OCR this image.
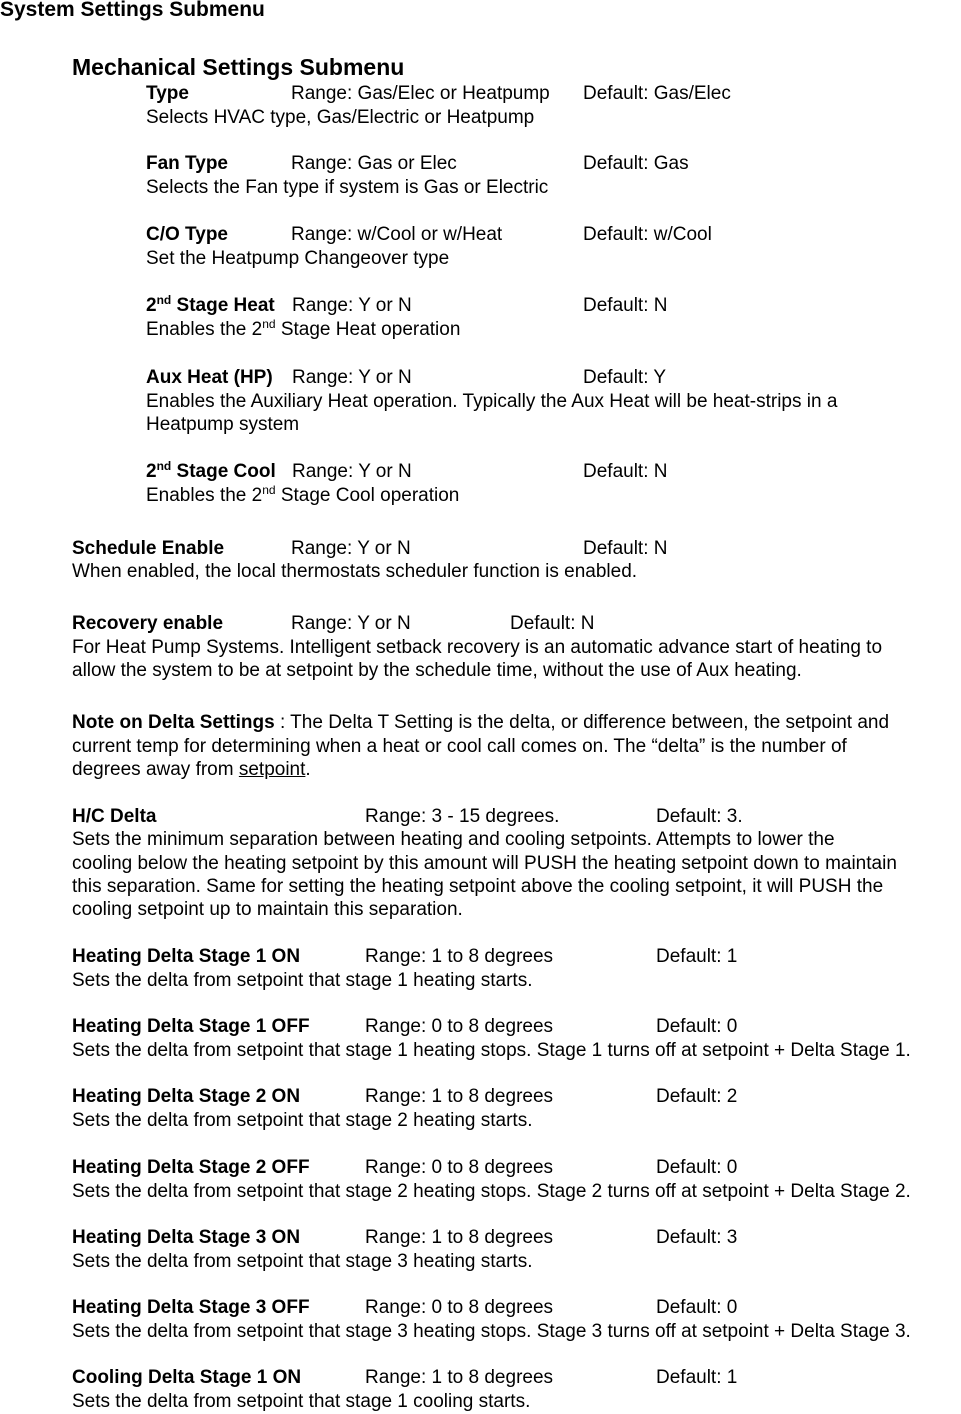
System Settings Submenu
Mechanical Settings Submenu
Type	Range: Gas/Elec or Heatpump Default: Gas/Elec
Selects HVAC type, Gas/Electric or Heatpump
Fan Type	Range: Gas or Elec	Default: Gas
Selects the Fan type if system is Gas or Electric
C/O Type	Range: w/Cool or w/Heat	Default: w/Cool
Set the Heatpump Changeover type
2nd Stage Heat Range: Y or N	Default: N
Enables the 2nd Stage Heat operation
Aux Heat (HP) Range: Y or N	Default: Y
Enables the Auxiliary Heat operation. Typically the Aux Heat will be heat-strips in a
Heatpump system
2nd Stage Cool Range: Y or N	Default: N
Enables the 2nd Stage Cool operation
Schedule Enable	Range: Y or N	Default: N
When enabled, the local thermostats scheduler function is enabled.
Recovery enable	Range: Y or N	Default: N
For Heat Pump Systems. Intelligent setback recovery is an automatic advance start of heating to
allow the system to be at setpoint by the schedule time, without the use of Aux heating.
Note on Delta Settings : The Delta T Setting is the delta, or difference between, the setpoint and
current temp for determining when a heat or cool call comes on. The “delta” is the number of
degrees away from setpoint.
H/C Delta	Range: 3 - 15 degrees.	Default: 3.
Sets the minimum separation between heating and cooling setpoints. Attempts to lower the
cooling below the heating setpoint by this amount will PUSH the heating setpoint down to maintain
this separation. Same for setting the heating setpoint above the cooling setpoint, it will PUSH the
cooling setpoint up to maintain this separation.
Heating Delta Stage 1 ON	Range: 1 to 8 degrees	Default: 1
Sets the delta from setpoint that stage 1 heating starts.
Heating Delta Stage 1 OFF	Range: 0 to 8 degrees	Default: 0
Sets the delta from setpoint that stage 1 heating stops. Stage 1 turns off at setpoint + Delta Stage 1.
Heating Delta Stage 2 ON	Range: 1 to 8 degrees	Default: 2
Sets the delta from setpoint that stage 2 heating starts.
Heating Delta Stage 2 OFF	Range: 0 to 8 degrees	Default: 0
Sets the delta from setpoint that stage 2 heating stops. Stage 2 turns off at setpoint + Delta Stage 2.
Heating Delta Stage 3 ON	Range: 1 to 8 degrees	Default: 3
Sets the delta from setpoint that stage 3 heating starts.
Heating Delta Stage 3 OFF	Range: 0 to 8 degrees	Default: 0
Sets the delta from setpoint that stage 3 heating stops. Stage 3 turns off at setpoint + Delta Stage 3.
Cooling Delta Stage 1 ON	Range: 1 to 8 degrees	Default: 1
Sets the delta from setpoint that stage 1 cooling starts.
